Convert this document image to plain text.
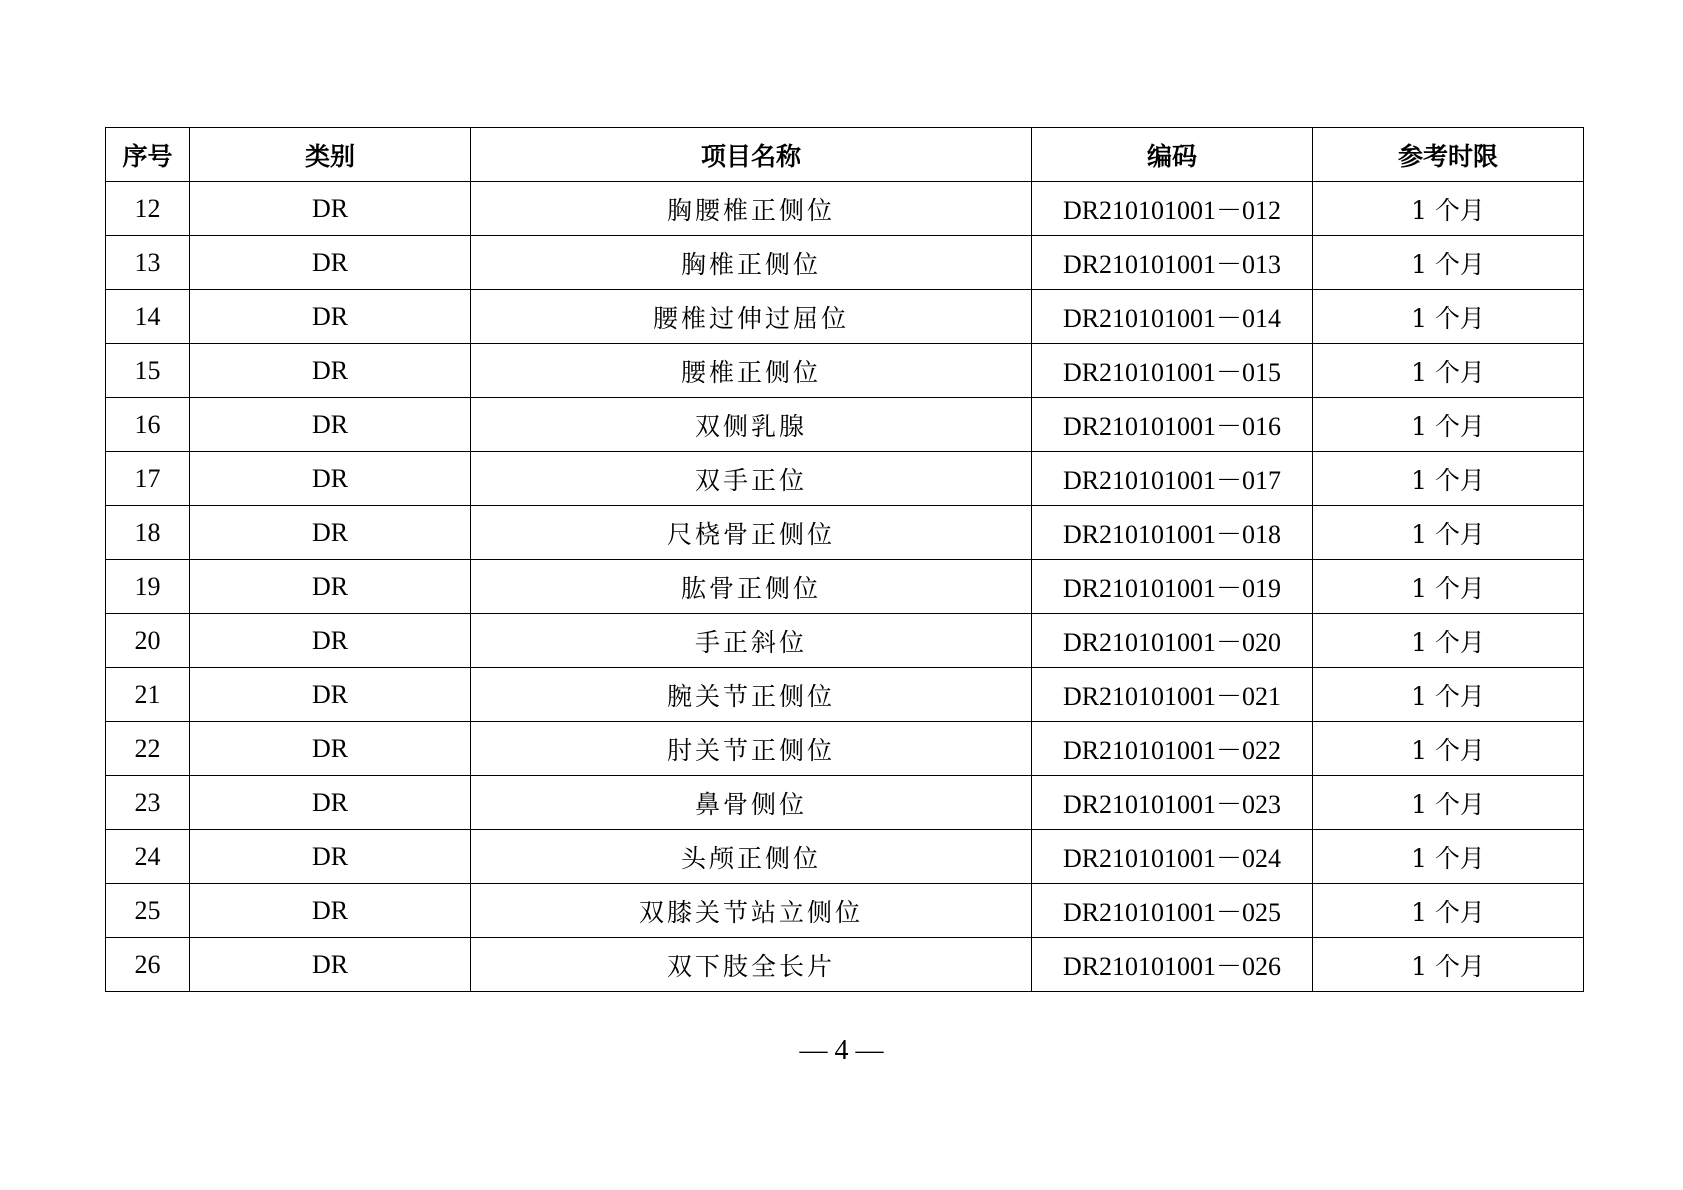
序号	类别	项目名称	编码	参考时限
12	DR	胸腰椎正侧位	DR210101001－012	1 个月
13	DR	胸椎正侧位	DR210101001－013	1 个月
14	DR	腰椎过伸过屈位	DR210101001－014	1 个月
15	DR	腰椎正侧位	DR210101001－015	1 个月
16	DR	双侧乳腺	DR210101001－016	1 个月
17	DR	双手正位	DR210101001－017	1 个月
18	DR	尺桡骨正侧位	DR210101001－018	1 个月
19	DR	肱骨正侧位	DR210101001－019	1 个月
20	DR	手正斜位	DR210101001－020	1 个月
21	DR	腕关节正侧位	DR210101001－021	1 个月
22	DR	肘关节正侧位	DR210101001－022	1 个月
23	DR	鼻骨侧位	DR210101001－023	1 个月
24	DR	头颅正侧位	DR210101001－024	1 个月
25	DR	双膝关节站立侧位	DR210101001－025	1 个月
26	DR	双下肢全长片	DR210101001－026	1 个月
— 4 —
